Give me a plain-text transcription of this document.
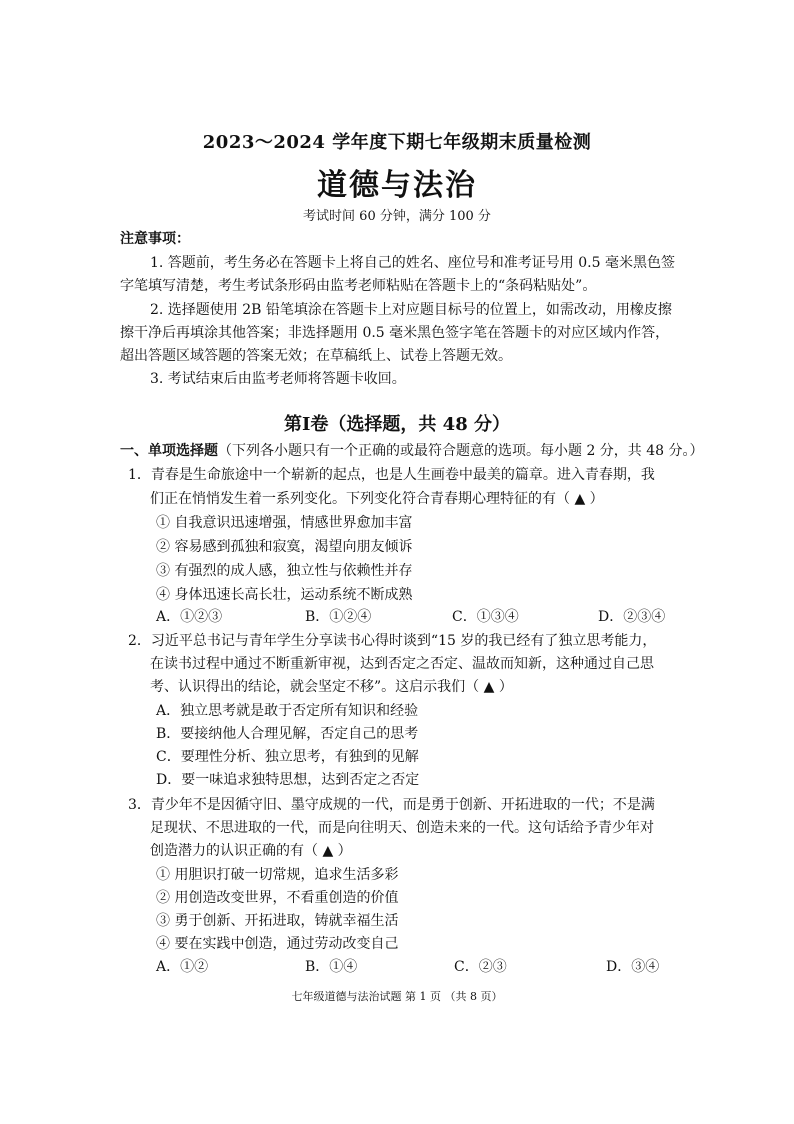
2023～2024 学年度下期七年级期末质量检测
道德与法治
考试时间 60 分钟，满分 100 分
注意事项：
1. 答题前，考生务必在答题卡上将自己的姓名、座位号和准考证号用 0.5 毫米黑色签
字笔填写清楚，考生考试条形码由监考老师粘贴在答题卡上的“条码粘贴处”。
2. 选择题使用 2B 铅笔填涂在答题卡上对应题目标号的位置上，如需改动，用橡皮擦
擦干净后再填涂其他答案；非选择题用 0.5 毫米黑色签字笔在答题卡的对应区域内作答，
超出答题区域答题的答案无效；在草稿纸上、试卷上答题无效。
3. 考试结束后由监考老师将答题卡收回。
第Ⅰ卷（选择题，共 48 分）
一、单项选择题（下列各小题只有一个正确的或最符合题意的选项。每小题 2 分，共 48 分。）
1．青春是生命旅途中一个崭新的起点，也是人生画卷中最美的篇章。进入青春期，我
们正在悄悄发生着一系列变化。下列变化符合青春期心理特征的有（ ▲ ）
① 自我意识迅速增强，情感世界愈加丰富
② 容易感到孤独和寂寞，渴望向朋友倾诉
③ 有强烈的成人感，独立性与依赖性并存
④ 身体迅速长高长壮，运动系统不断成熟
A．①②③	B．①②④	C．①③④	D．②③④
2．习近平总书记与青年学生分享读书心得时谈到“15 岁的我已经有了独立思考能力，
在读书过程中通过不断重新审视，达到否定之否定、温故而知新，这种通过自己思
考、认识得出的结论，就会坚定不移”。这启示我们（ ▲ ）
A．独立思考就是敢于否定所有知识和经验
B．要接纳他人合理见解，否定自己的思考
C．要理性分析、独立思考，有独到的见解
D．要一味追求独特思想，达到否定之否定
3．青少年不是因循守旧、墨守成规的一代，而是勇于创新、开拓进取的一代；不是满
足现状、不思进取的一代，而是向往明天、创造未来的一代。这句话给予青少年对
创造潜力的认识正确的有（ ▲ ）
① 用胆识打破一切常规，追求生活多彩
② 用创造改变世界，不看重创造的价值
③ 勇于创新、开拓进取，铸就幸福生活
④ 要在实践中创造，通过劳动改变自己
A．①②	B．①④	C．②③	D．③④
七年级道德与法治试题 第 1 页 （共 8 页）
